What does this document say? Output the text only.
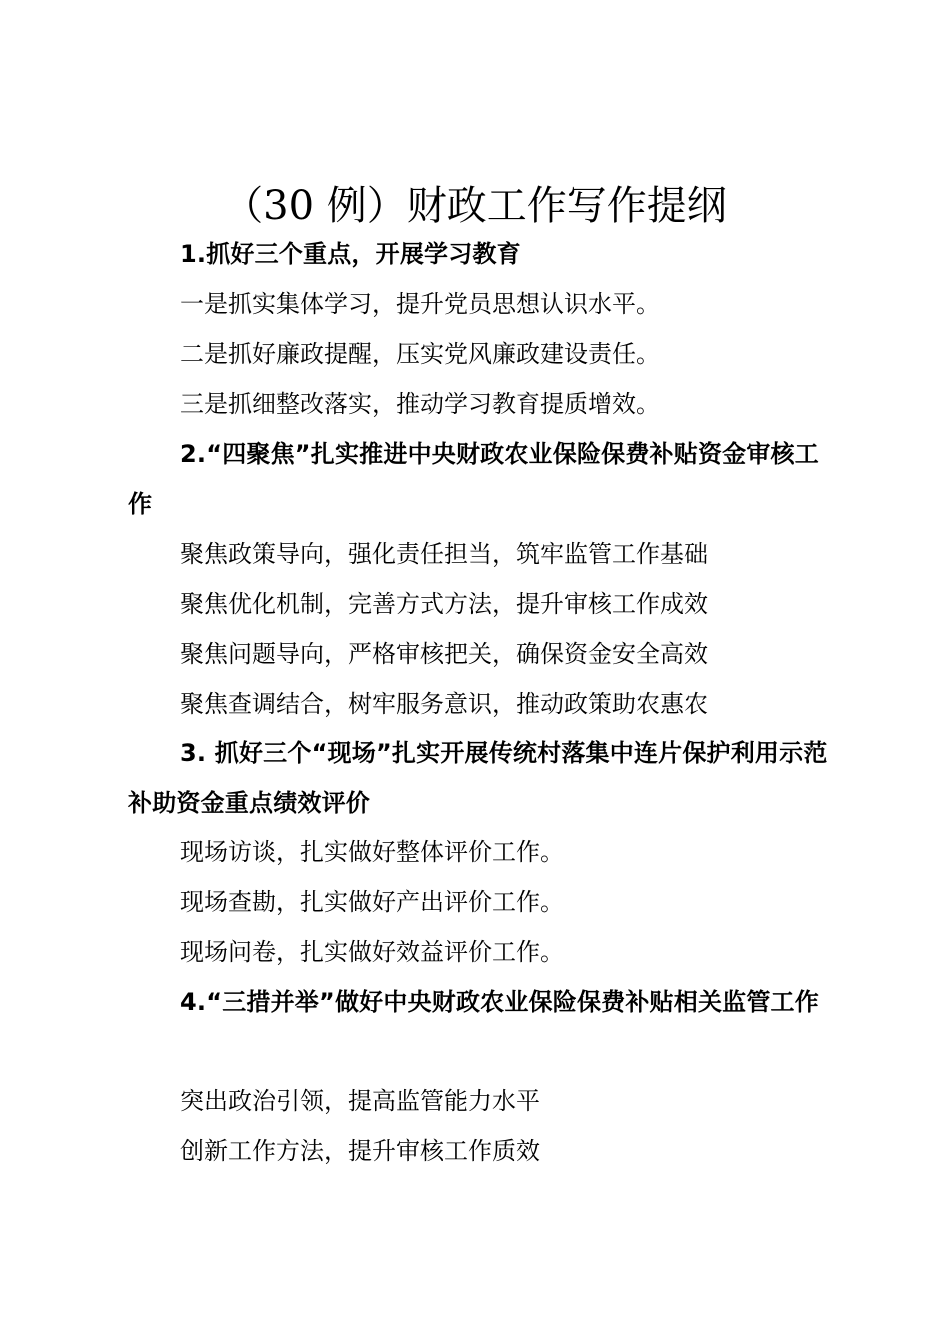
（30 例）财政工作写作提纲
1.抓好三个重点，开展学习教育
一是抓实集体学习，提升党员思想认识水平。
二是抓好廉政提醒，压实党风廉政建设责任。
三是抓细整改落实，推动学习教育提质增效。
2.“四聚焦”扎实推进中央财政农业保险保费补贴资金审核工作
聚焦政策导向，强化责任担当，筑牢监管工作基础
聚焦优化机制，完善方式方法，提升审核工作成效
聚焦问题导向，严格审核把关，确保资金安全高效
聚焦查调结合，树牢服务意识，推动政策助农惠农
3. 抓好三个“现场”扎实开展传统村落集中连片保护利用示范补助资金重点绩效评价
现场访谈，扎实做好整体评价工作。
现场查勘，扎实做好产出评价工作。
现场问卷，扎实做好效益评价工作。
4.“三措并举”做好中央财政农业保险保费补贴相关监管工作
突出政治引领，提高监管能力水平
创新工作方法，提升审核工作质效
